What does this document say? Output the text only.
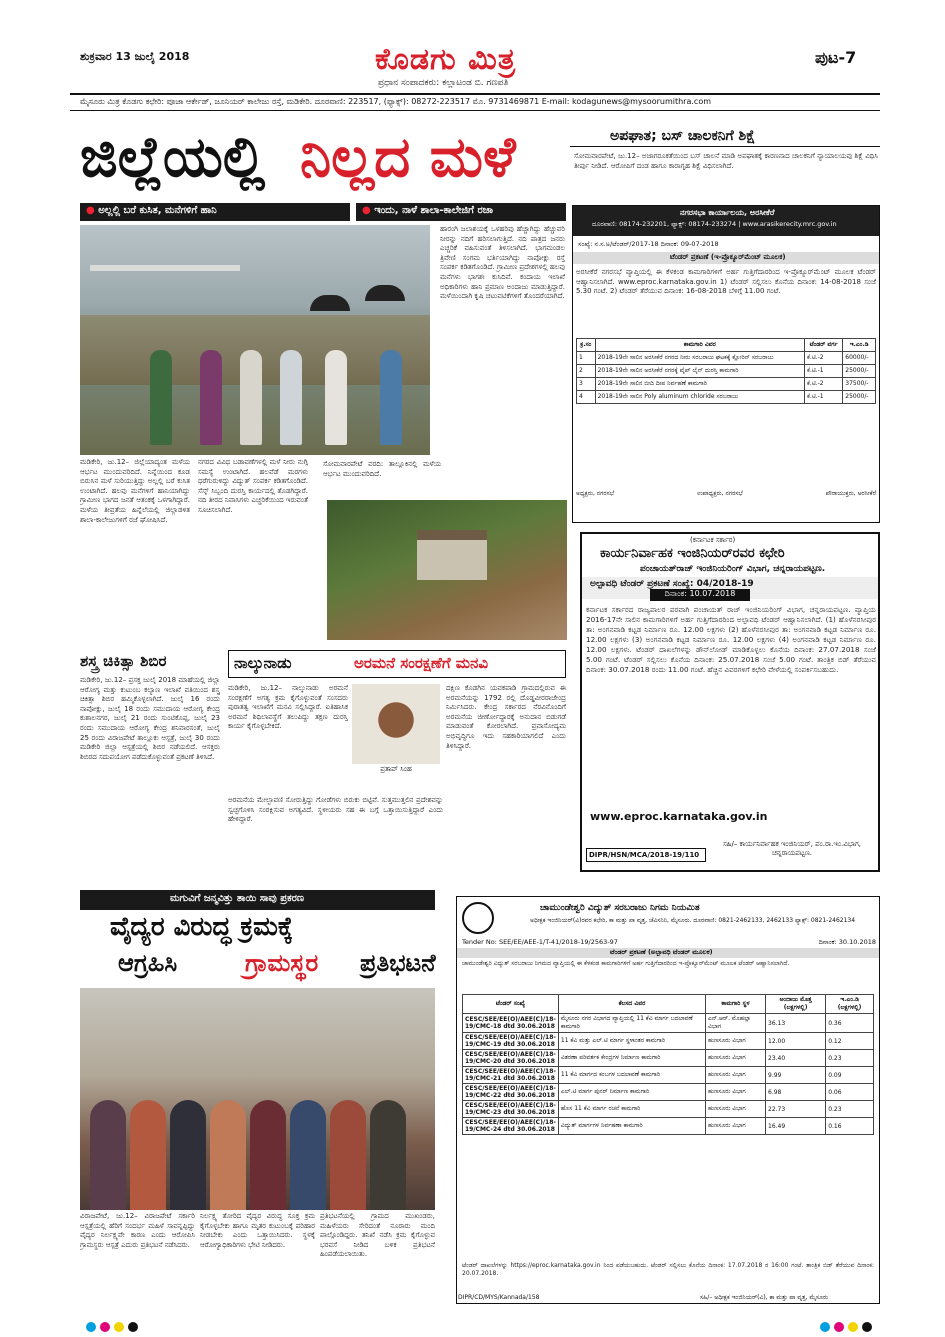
ಶುಕ್ರವಾರ 13 ಜುಲೈ 2018	ಕೊಡಗು ಮಿತ್ರ
ಪ್ರಧಾನ ಸಂಪಾದಕರು: ಕಲ್ಲಾಟಂಡ ಬಿ. ಗಣಪತಿ
ಪುಟ-7
ಮೈಸೂರು ಮಿತ್ರ ಕೊಡಗು ಕಛೇರಿ: ಪೂಜಾ ಆರ್ಕೇಡ್, ಜೂನಿಯರ್ ಕಾಲೇಜು ರಸ್ತೆ, ಮಡಿಕೇರಿ. ದೂರವಾಣಿ: 223517, (ಫ್ಯಾಕ್ಸ್): 08272-223517 ಮೊ. 9731469871 E-mail: kodagunews@mysoorumithra.com
ಜಿಲ್ಲೆಯಲ್ಲಿ ನಿಲ್ಲದ ಮಳೆ
● ಅಲ್ಲಲ್ಲಿ ಬರೆ ಕುಸಿತ, ಮನೆಗಳಿಗೆ ಹಾನಿ	● ಇಂದು, ನಾಳೆ ಶಾಲಾ-ಕಾಲೇಜಿಗೆ ರಜಾ
ಮಡಿಕೇರಿ, ಜು.12– ಜಿಲ್ಲೆಯಾದ್ಯಂತ ಮಳೆಯ ಆರ್ಭಟ ಮುಂದುವರಿದಿದೆ. ನಿನ್ನೆಯಿಂದ ಕೂಡ ಬಿರುಸಿನ ಮಳೆ ಸುರಿಯುತ್ತಿದ್ದು ಅಲ್ಲಲ್ಲಿ ಬರೆ ಕುಸಿತ ಉಂಟಾಗಿದೆ. ಹಲವು ಮನೆಗಳಿಗೆ ಹಾನಿಯಾಗಿದ್ದು ಗ್ರಾಮೀಣ ಭಾಗದ ಜನತೆ ಆತಂಕಕ್ಕೆ ಒಳಗಾಗಿದ್ದಾರೆ. ಮಳೆಯ ತೀವ್ರತೆಯ ಹಿನ್ನೆಲೆಯಲ್ಲಿ ಜಿಲ್ಲಾಡಳಿತ ಶಾಲಾ-ಕಾಲೇಜುಗಳಿಗೆ ರಜೆ ಘೋಷಿಸಿದೆ.
ನಗರದ ವಿವಿಧ ಬಡಾವಣೆಗಳಲ್ಲಿ ಮಳೆ ನೀರು ನುಗ್ಗಿ ಸಮಸ್ಯೆ ಉಂಟಾಗಿದೆ. ಹಲವೆಡೆ ಮರಗಳು ಧರೆಗುರುಳಿದ್ದು ವಿದ್ಯುತ್ ಸಂಪರ್ಕ ಕಡಿತಗೊಂಡಿದೆ. ಸೆಸ್ಕ್ ಸಿಬ್ಬಂದಿ ದುರಸ್ತಿ ಕಾರ್ಯದಲ್ಲಿ ತೊಡಗಿದ್ದಾರೆ. ನದಿ ತೀರದ ನಿವಾಸಿಗಳು ಎಚ್ಚರಿಕೆಯಿಂದ ಇರುವಂತೆ ಸೂಚಿಸಲಾಗಿದೆ.
ಹಾರಂಗಿ ಜಲಾಶಯಕ್ಕೆ ಒಳಹರಿವು ಹೆಚ್ಚಾಗಿದ್ದು ಹೆಚ್ಚುವರಿ ನೀರನ್ನು ನದಿಗೆ ಹರಿಸಲಾಗುತ್ತಿದೆ. ನದಿ ಪಾತ್ರದ ಜನರು ಎಚ್ಚರಿಕೆ ವಹಿಸುವಂತೆ ತಿಳಿಸಲಾಗಿದೆ. ಭಾಗಮಂಡಲ ತ್ರಿವೇಣಿ ಸಂಗಮ ಭರ್ತಿಯಾಗಿದ್ದು ನಾಪೋಕ್ಲು ರಸ್ತೆ ಸಂಪರ್ಕ ಕಡಿತಗೊಂಡಿದೆ. ಗ್ರಾಮೀಣ ಪ್ರದೇಶಗಳಲ್ಲಿ ಹಲವು ಮನೆಗಳು ಭಾಗಶಃ ಕುಸಿದಿವೆ. ಕಂದಾಯ ಇಲಾಖೆ ಅಧಿಕಾರಿಗಳು ಹಾನಿ ಪ್ರಮಾಣ ಅಂದಾಜು ಮಾಡುತ್ತಿದ್ದಾರೆ. ಮಳೆಯಿಂದಾಗಿ ಕೃಷಿ ಚಟುವಟಿಕೆಗಳಿಗೆ ತೊಂದರೆಯಾಗಿದೆ.
ಸೋಮವಾರಪೇಟೆ ವರದಿ: ತಾಲ್ಲೂಕಿನಲ್ಲಿ ಮಳೆಯ ಆರ್ಭಟ ಮುಂದುವರಿದಿದೆ.
ಶಸ್ತ್ರ ಚಿಕಿತ್ಸಾ ಶಿಬಿರ
ಮಡಿಕೇರಿ, ಜು.12– ಪ್ರಸಕ್ತ ಜುಲೈ 2018 ಮಾಹೆಯಲ್ಲಿ ಜಿಲ್ಲಾ ಆರೋಗ್ಯ ಮತ್ತು ಕುಟುಂಬ ಕಲ್ಯಾಣ ಇಲಾಖೆ ವತಿಯಿಂದ ಶಸ್ತ್ರ ಚಿಕಿತ್ಸಾ ಶಿಬಿರ ಹಮ್ಮಿಕೊಳ್ಳಲಾಗಿದೆ. ಜುಲೈ 16 ರಂದು ನಾಪೋಕ್ಲು, ಜುಲೈ 18 ರಂದು ಸಮುದಾಯ ಆರೋಗ್ಯ ಕೇಂದ್ರ ಕುಶಾಲನಗರ, ಜುಲೈ 21 ರಂದು ಸುಂಟಿಕೊಪ್ಪ, ಜುಲೈ 23 ರಂದು ಸಮುದಾಯ ಆರೋಗ್ಯ ಕೇಂದ್ರ ಶನಿವಾರಸಂತೆ, ಜುಲೈ 25 ರಂದು ವಿರಾಜಪೇಟೆ ತಾಲ್ಲೂಕು ಆಸ್ಪತ್ರೆ, ಜುಲೈ 30 ರಂದು ಮಡಿಕೇರಿ ಜಿಲ್ಲಾ ಆಸ್ಪತ್ರೆಯಲ್ಲಿ ಶಿಬಿರ ನಡೆಯಲಿದೆ. ಆಸಕ್ತರು ಶಿಬಿರದ ಸದುಪಯೋಗ ಪಡೆದುಕೊಳ್ಳುವಂತೆ ಪ್ರಕಟಣೆ ತಿಳಿಸಿದೆ.
ನಾಲ್ಕುನಾಡು	ಅರಮನೆ ಸಂರಕ್ಷಣೆಗೆ ಮನವಿ
ಮಡಿಕೇರಿ, ಜು.12– ನಾಲ್ಕುನಾಡು ಅರಮನೆ ಸಂರಕ್ಷಣೆಗೆ ಅಗತ್ಯ ಕ್ರಮ ಕೈಗೊಳ್ಳುವಂತೆ ಸಂಸದರು ಪುರಾತತ್ವ ಇಲಾಖೆಗೆ ಮನವಿ ಸಲ್ಲಿಸಿದ್ದಾರೆ. ಐತಿಹಾಸಿಕ ಅರಮನೆ ಶಿಥಿಲಾವಸ್ಥೆಗೆ ತಲುಪಿದ್ದು ತಕ್ಷಣ ದುರಸ್ತಿ ಕಾರ್ಯ ಕೈಗೊಳ್ಳಬೇಕಿದೆ.
ಪ್ರತಾಪ್ ಸಿಂಹ
ದಕ್ಷಿಣ ಕೊಡಗಿನ ಯವಕಪಾಡಿ ಗ್ರಾಮದಲ್ಲಿರುವ ಈ ಅರಮನೆಯನ್ನು 1792 ರಲ್ಲಿ ದೊಡ್ಡವೀರರಾಜೇಂದ್ರ ನಿರ್ಮಿಸಿದರು. ಕೇಂದ್ರ ಸರ್ಕಾರದ ನೆರವಿನೊಂದಿಗೆ ಅರಮನೆಯ ಜೀರ್ಣೋದ್ಧಾರಕ್ಕೆ ಅನುದಾನ ಬಿಡುಗಡೆ ಮಾಡುವಂತೆ ಕೋರಲಾಗಿದೆ. ಪ್ರವಾಸೋದ್ಯಮ ಅಭಿವೃದ್ಧಿಗೂ ಇದು ಸಹಕಾರಿಯಾಗಲಿದೆ ಎಂದು ತಿಳಿಸಿದ್ದಾರೆ.
ಅರಮನೆಯ ಮೇಲ್ಛಾವಣಿ ಸೋರುತ್ತಿದ್ದು ಗೋಡೆಗಳು ಬಿರುಕು ಬಿಟ್ಟಿವೆ. ಸುತ್ತಮುತ್ತಲಿನ ಪ್ರದೇಶವನ್ನು ಸ್ವಚ್ಛಗೊಳಿಸಿ ಸಂರಕ್ಷಿಸುವ ಅಗತ್ಯವಿದೆ. ಸ್ಥಳೀಯರು ಸಹ ಈ ಬಗ್ಗೆ ಒತ್ತಾಯಿಸುತ್ತಿದ್ದಾರೆ ಎಂದು ಹೇಳಿದ್ದಾರೆ.
ಅಪಘಾತ; ಬಸ್ ಚಾಲಕನಿಗೆ ಶಿಕ್ಷೆ
ಸೋಮವಾರಪೇಟೆ, ಜು.12– ಅಜಾಗರೂಕತೆಯಿಂದ ಬಸ್ ಚಾಲನೆ ಮಾಡಿ ಅಪಘಾತಕ್ಕೆ ಕಾರಣನಾದ ಚಾಲಕನಿಗೆ ನ್ಯಾಯಾಲಯವು ಶಿಕ್ಷೆ ವಿಧಿಸಿ ತೀರ್ಪು ನೀಡಿದೆ. ಆರೋಪಿಗೆ ದಂಡ ಹಾಗೂ ಕಾರಾಗೃಹ ಶಿಕ್ಷೆ ವಿಧಿಸಲಾಗಿದೆ.
ನಗರಸಭಾ ಕಾರ್ಯಾಲಯ, ಅರಸೀಕೆರೆ
ದೂರವಾಣಿ: 08174-232201, ಫ್ಯಾಕ್ಸ್: 08174-233274 | www.arasikerecity.mrc.gov.in
ಸಂಖ್ಯೆ: ನ.ಸ.ಅ/ಟೆಂಡರ್/2017-18 ದಿನಾಂಕ: 09-07-2018
ಟೆಂಡರ್ ಪ್ರಕಟಣೆ (ಇ-ಪ್ರೊಕ್ಯೂರ್‌ಮೆಂಟ್ ಮೂಲಕ)
ಅರಸೀಕೆರೆ ನಗರಸಭೆ ವ್ಯಾಪ್ತಿಯಲ್ಲಿ ಈ ಕೆಳಕಂಡ ಕಾಮಗಾರಿಗಳಿಗೆ ಅರ್ಹ ಗುತ್ತಿಗೆದಾರರಿಂದ ಇ-ಪ್ರೊಕ್ಯೂರ್‌ಮೆಂಟ್ ಮೂಲಕ ಟೆಂಡರ್ ಆಹ್ವಾನಿಸಲಾಗಿದೆ. www.eproc.karnataka.gov.in 1) ಟೆಂಡರ್ ಸಲ್ಲಿಸಲು ಕೊನೆಯ ದಿನಾಂಕ: 14-08-2018 ಸಂಜೆ 5.30 ಗಂಟೆ. 2) ಟೆಂಡರ್ ತೆರೆಯುವ ದಿನಾಂಕ: 16-08-2018 ಬೆಳಿಗ್ಗೆ 11.00 ಗಂಟೆ.
ಕ್ರ.ಸಂ	ಕಾಮಗಾರಿ ವಿವರ	ಟೆಂಡರ್ ವರ್ಗ	ಇ.ಎಂ.ಡಿ
1	2018-19ನೇ ಸಾಲಿನ ಅರಸೀಕೆರೆ ನಗರದ ನೀರು ಸರಬರಾಜು ಘಟಕಕ್ಕೆ ಕ್ಲೋರಿನ್ ಸರಬರಾಜು	ಕೆ.ಟಿ.-2	60000/-
2	2018-19ನೇ ಸಾಲಿನ ಅರಸೀಕೆರೆ ನಗರಕ್ಕೆ ಪೈಪ್ ಲೈನ್ ದುರಸ್ತಿ ಕಾಮಗಾರಿ	ಕೆ.ಟಿ.-1	25000/-
3	2018-19ನೇ ಸಾಲಿನ ಬೀದಿ ದೀಪ ನಿರ್ವಹಣೆ ಕಾಮಗಾರಿ	ಕೆ.ಟಿ.-2	37500/-
4	2018-19ನೇ ಸಾಲಿನ Poly aluminum chloride ಸರಬರಾಜು	ಕೆ.ಟಿ.-1	25000/-
ಅಧ್ಯಕ್ಷರು, ನಗರಸಭೆ	ಉಪಾಧ್ಯಕ್ಷರು, ನಗರಸಭೆ	ಪೌರಾಯುಕ್ತರು, ಅರಸೀಕೆರೆ
(ಕರ್ನಾಟಕ ಸರ್ಕಾರ)
ಕಾರ್ಯನಿರ್ವಾಹಕ ಇಂಜಿನಿಯರ್‌ರವರ ಕಛೇರಿ
ಪಂಚಾಯತ್‌ರಾಜ್ ಇಂಜಿನಿಯರಿಂಗ್ ವಿಭಾಗ, ಚನ್ನರಾಯಪಟ್ಟಣ.
ಅಲ್ಪಾವಧಿ ಟೆಂಡರ್ ಪ್ರಕಟಣೆ ಸಂಖ್ಯೆ: 04/2018-19
ದಿನಾಂಕ: 10.07.2018
ಕರ್ನಾಟಕ ಸರ್ಕಾರದ ರಾಜ್ಯಪಾಲರ ಪರವಾಗಿ ಪಂಚಾಯತ್ ರಾಜ್ ಇಂಜಿನಿಯರಿಂಗ್ ವಿಭಾಗ, ಚನ್ನರಾಯಪಟ್ಟಣ. ವ್ಯಾಪ್ತಿಯ 2016-17ನೇ ಸಾಲಿನ ಕಾಮಗಾರಿಗಳಿಗೆ ಅರ್ಹ ಗುತ್ತಿಗೆದಾರರಿಂದ ಅಲ್ಪಾವಧಿ ಟೆಂಡರ್ ಆಹ್ವಾನಿಸಲಾಗಿದೆ. (1) ಹೊಳೆನರಸೀಪುರ ತಾ: ಅಂಗನವಾಡಿ ಕಟ್ಟಡ ನಿರ್ಮಾಣ ರೂ. 12.00 ಲಕ್ಷಗಳು (2) ಹೊಳೆನರಸೀಪುರ ತಾ: ಅಂಗನವಾಡಿ ಕಟ್ಟಡ ನಿರ್ಮಾಣ ರೂ. 12.00 ಲಕ್ಷಗಳು (3) ಅಂಗನವಾಡಿ ಕಟ್ಟಡ ನಿರ್ಮಾಣ ರೂ. 12.00 ಲಕ್ಷಗಳು (4) ಅಂಗನವಾಡಿ ಕಟ್ಟಡ ನಿರ್ಮಾಣ ರೂ. 12.00 ಲಕ್ಷಗಳು. ಟೆಂಡರ್ ದಾಖಲೆಗಳನ್ನು ಡೌನ್‌ಲೋಡ್ ಮಾಡಿಕೊಳ್ಳಲು ಕೊನೆಯ ದಿನಾಂಕ: 27.07.2018 ಸಂಜೆ 5.00 ಗಂಟೆ. ಟೆಂಡರ್ ಸಲ್ಲಿಸಲು ಕೊನೆಯ ದಿನಾಂಕ: 25.07.2018 ಸಂಜೆ 5.00 ಗಂಟೆ. ತಾಂತ್ರಿಕ ಬಿಡ್ ತೆರೆಯುವ ದಿನಾಂಕ: 30.07.2018 ರಂದು 11.00 ಗಂಟೆ. ಹೆಚ್ಚಿನ ವಿವರಗಳಿಗೆ ಕಛೇರಿ ವೇಳೆಯಲ್ಲಿ ಸಂಪರ್ಕಿಸಬಹುದು.
www.eproc.karnataka.gov.in
DIPR/HSN/MCA/2018-19/110
ಸಹಿ/– ಕಾರ್ಯನಿರ್ವಾಹಕ ಇಂಜಿನಿಯರ್, ಪಂ.ರಾ.ಇಂ.ವಿಭಾಗ, ಚನ್ನರಾಯಪಟ್ಟಣ.
ಮಗುವಿಗೆ ಜನ್ಮವಿತ್ತು ತಾಯಿ ಸಾವು ಪ್ರಕರಣ
ವೈದ್ಯರ ವಿರುದ್ಧ ಕ್ರಮಕ್ಕೆ
ಆಗ್ರಹಿಸಿ	ಗ್ರಾಮಸ್ಥರ ಪ್ರತಿಭಟನೆ
ವಿರಾಜಪೇಟೆ, ಜು.12– ವಿರಾಜಪೇಟೆ ಸರ್ಕಾರಿ ಆಸ್ಪತ್ರೆಯಲ್ಲಿ ಹೆರಿಗೆ ಸಂದರ್ಭ ಮಹಿಳೆ ಸಾವನ್ನಪ್ಪಿದ್ದು ವೈದ್ಯರ ನಿರ್ಲಕ್ಷ್ಯವೇ ಕಾರಣ ಎಂದು ಆರೋಪಿಸಿ ಗ್ರಾಮಸ್ಥರು ಆಸ್ಪತ್ರೆ ಎದುರು ಪ್ರತಿಭಟನೆ ನಡೆಸಿದರು.
ನಿರ್ಲಕ್ಷ್ಯ ತೋರಿದ ವೈದ್ಯರ ವಿರುದ್ಧ ಸೂಕ್ತ ಕ್ರಮ ಕೈಗೊಳ್ಳಬೇಕು ಹಾಗೂ ಮೃತರ ಕುಟುಂಬಕ್ಕೆ ಪರಿಹಾರ ನೀಡಬೇಕು ಎಂದು ಒತ್ತಾಯಿಸಿದರು. ಸ್ಥಳಕ್ಕೆ ಆರೋಗ್ಯಾಧಿಕಾರಿಗಳು ಭೇಟಿ ನೀಡಿದರು.
ಪ್ರತಿಭಟನೆಯಲ್ಲಿ ಗ್ರಾಮದ ಮುಖಂಡರು, ಮಹಿಳೆಯರು ಸೇರಿದಂತೆ ನೂರಾರು ಮಂದಿ ಪಾಲ್ಗೊಂಡಿದ್ದರು. ತನಿಖೆ ನಡೆಸಿ ಕ್ರಮ ಕೈಗೊಳ್ಳುವ ಭರವಸೆ ನೀಡಿದ ಬಳಿಕ ಪ್ರತಿಭಟನೆ ಹಿಂಪಡೆಯಲಾಯಿತು.
ಚಾಮುಂಡೇಶ್ವರಿ ವಿದ್ಯುತ್ ಸರಬರಾಜು ನಿಗಮ ನಿಯಮಿತ
ಅಧೀಕ್ಷಕ ಇಂಜಿನಿಯರ್(ವಿ)ರವರ ಕಛೇರಿ, ಕಾ ಮತ್ತು ಪಾ ವೃತ್ತ, ಚೆವಿಸನಿನಿ, ಮೈಸೂರು. ದೂರವಾಣಿ: 0821-2462133, 2462133 ಫ್ಯಾಕ್ಸ್: 0821-2462134
Tender No: SEE/EE/AEE-1/T-41/2018-19/2563-97	ದಿನಾಂಕ: 30.10.2018
ಟೆಂಡರ್ ಪ್ರಕಟಣೆ (ಅಲ್ಪಾವಧಿ ಟೆಂಡರ್ ಮೂಲಕ)
ಚಾಮುಂಡೇಶ್ವರಿ ವಿದ್ಯುತ್ ಸರಬರಾಜು ನಿಗಮದ ವ್ಯಾಪ್ತಿಯಲ್ಲಿ ಈ ಕೆಳಕಂಡ ಕಾಮಗಾರಿಗಳಿಗೆ ಅರ್ಹ ಗುತ್ತಿಗೆದಾರರಿಂದ ಇ-ಪ್ರೊಕ್ಯೂರ್‌ಮೆಂಟ್ ಮೂಲಕ ಟೆಂಡರ್ ಆಹ್ವಾನಿಸಲಾಗಿದೆ.
ಟೆಂಡರ್ ಸಂಖ್ಯೆ	ಕೆಲಸದ ವಿವರ	ಕಾಮಗಾರಿ ಸ್ಥಳ	ಅಂದಾಜು ಮೊತ್ತ (ಲಕ್ಷಗಳಲ್ಲಿ)	ಇ.ಎಂ.ಡಿ (ಲಕ್ಷಗಳಲ್ಲಿ)
CESC/SEE/EE(O)/AEE(C)/18-19/CMC-18 dtd 30.06.2018	ಮೈಸೂರು ನಗರ ವಿಭಾಗದ ವ್ಯಾಪ್ತಿಯಲ್ಲಿ 11 ಕೆವಿ ಮಾರ್ಗ ಬದಲಾವಣೆ ಕಾಮಗಾರಿ	ಎನ್.ಆರ್. ಮೊಹಲ್ಲಾ ವಿಭಾಗ	36.13	0.36
CESC/SEE/EE(O)/AEE(C)/18-19/CMC-19 dtd 30.06.2018	11 ಕೆವಿ ಮತ್ತು ಎಲ್.ಟಿ ಮಾರ್ಗ ಸ್ಥಳಾಂತರ ಕಾಮಗಾರಿ	ಹುಣಸೂರು ವಿಭಾಗ	12.00	0.12
CESC/SEE/EE(O)/AEE(C)/18-19/CMC-20 dtd 30.06.2018	ವಿತರಣಾ ಪರಿವರ್ತಕ ಕೇಂದ್ರಗಳ ನಿರ್ಮಾಣ ಕಾಮಗಾರಿ	ಹುಣಸೂರು ವಿಭಾಗ	23.40	0.23
CESC/SEE/EE(O)/AEE(C)/18-19/CMC-21 dtd 30.06.2018	11 ಕೆವಿ ಮಾರ್ಗದ ಕಂಬಗಳ ಬದಲಾವಣೆ ಕಾಮಗಾರಿ	ಹುಣಸೂರು ವಿಭಾಗ	9.99	0.09
CESC/SEE/EE(O)/AEE(C)/18-19/CMC-22 dtd 30.06.2018	ಎಲ್.ಟಿ ಮಾರ್ಗ ಪುನರ್ ನಿರ್ಮಾಣ ಕಾಮಗಾರಿ	ಹುಣಸೂರು ವಿಭಾಗ	6.98	0.06
CESC/SEE/EE(O)/AEE(C)/18-19/CMC-23 dtd 30.06.2018	ಹೊಸ 11 ಕೆವಿ ಮಾರ್ಗ ರಚನೆ ಕಾಮಗಾರಿ	ಹುಣಸೂರು ವಿಭಾಗ	22.73	0.23
CESC/SEE/EE(O)/AEE(C)/18-19/CMC-24 dtd 30.06.2018	ವಿದ್ಯುತ್ ಮಾರ್ಗಗಳ ನಿರ್ವಹಣಾ ಕಾಮಗಾರಿ	ಹುಣಸೂರು ವಿಭಾಗ	16.49	0.16
ಟೆಂಡರ್ ದಾಖಲೆಗಳನ್ನು https://eproc.karnataka.gov.in ನಿಂದ ಪಡೆಯಬಹುದು. ಟೆಂಡರ್ ಸಲ್ಲಿಸಲು ಕೊನೆಯ ದಿನಾಂಕ: 17.07.2018 ರ 16:00 ಗಂಟೆ. ತಾಂತ್ರಿಕ ಬಿಡ್ ತೆರೆಯುವ ದಿನಾಂಕ: 20.07.2018.
DIPR/CD/MYS/Kannada/158	ಸಹಿ/– ಅಧೀಕ್ಷಕ ಇಂಜಿನಿಯರ್(ವಿ), ಕಾ ಮತ್ತು ಪಾ ವೃತ್ತ, ಮೈಸೂರು
